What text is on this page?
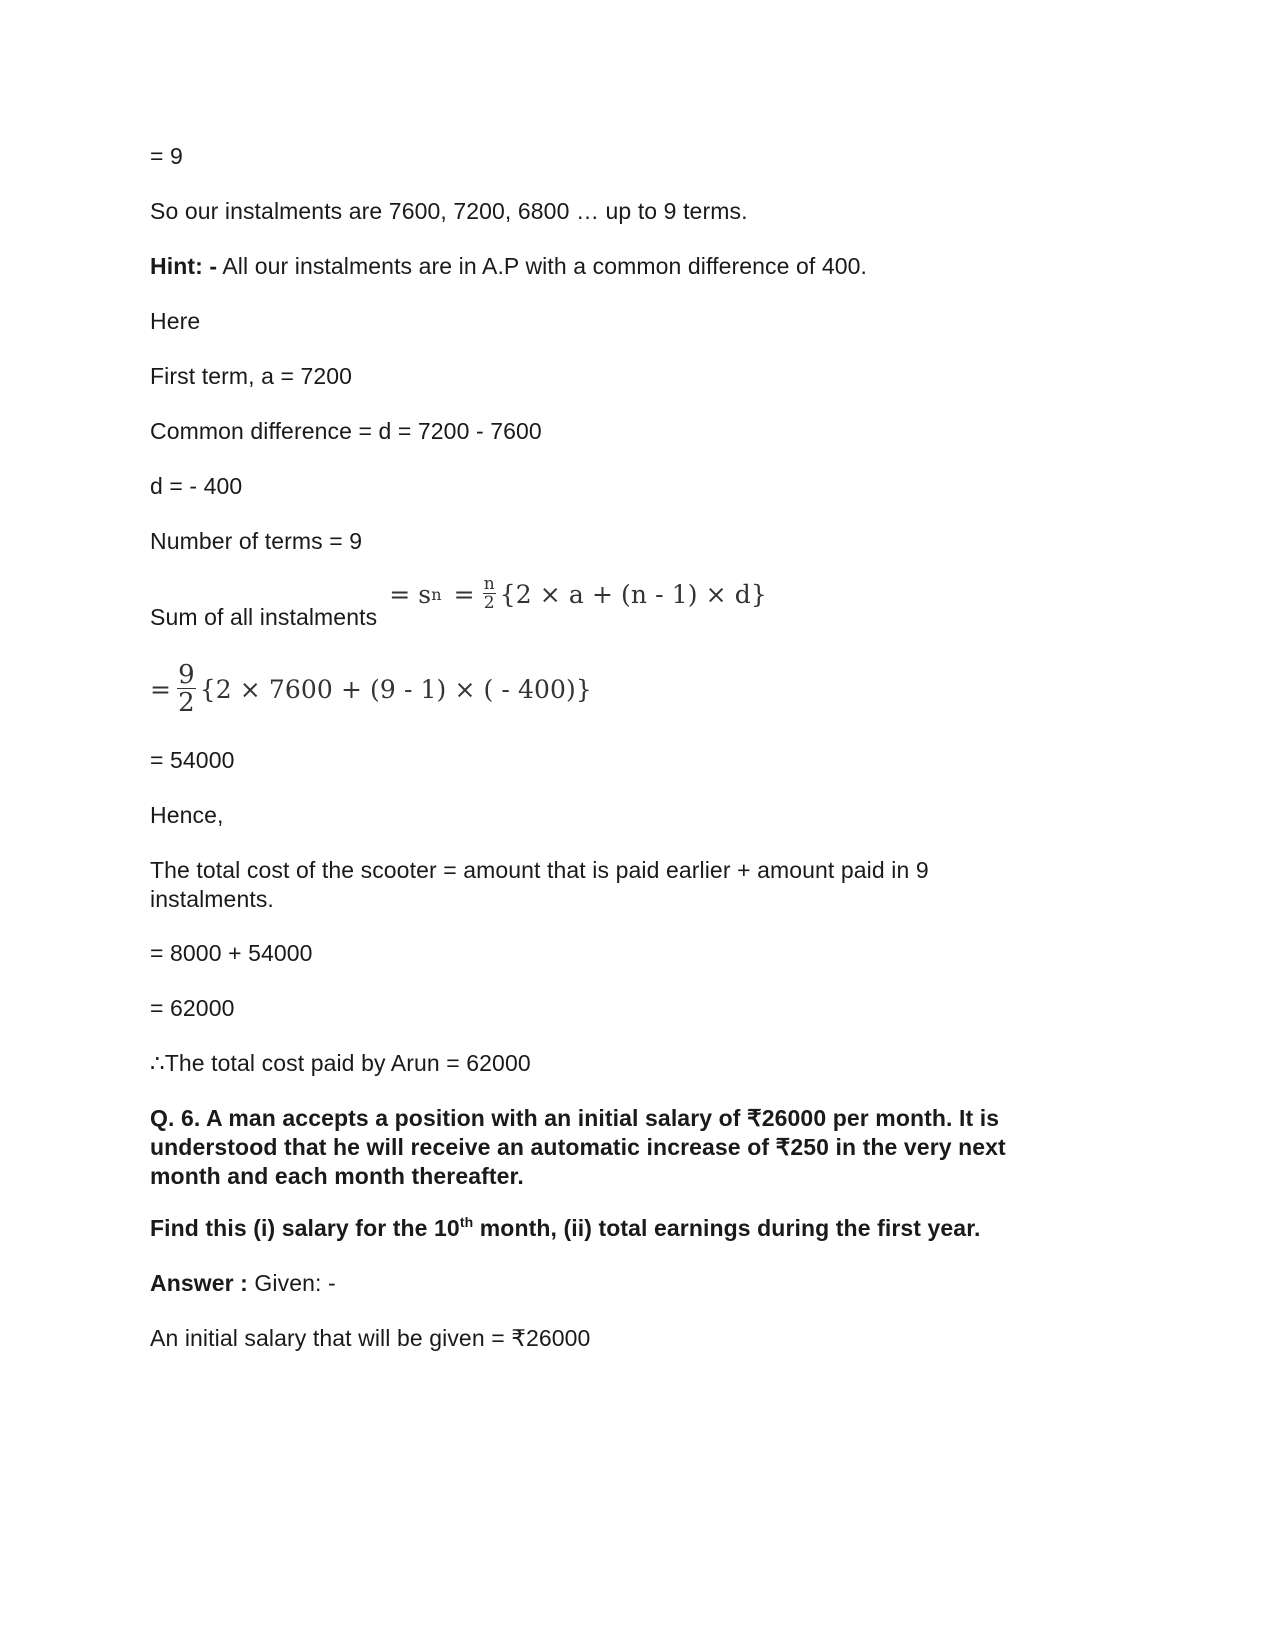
= 9
So our instalments are 7600, 7200, 6800 … up to 9 terms.
Hint: - All our instalments are in A.P with a common difference of 400.
Here
First term, a = 7200
Common difference = d = 7200 - 7600
d = - 400
Number of terms = 9
Sum of all instalments
= s $n = \frac{n}{2} \{2 \times a + (n - 1) \times d\}$
= $\frac{9}{2} \{2 \times 7600 + (9 - 1)$ × ( - 400)}
= 54000
Hence,
The total cost of the scooter = amount that is paid earlier + amount paid in 9 instalments.
= 8000 + 54000
= 62000
∴The total cost paid by Arun = 62000
Q. 6. A man accepts a position with an initial salary of ₹26000 per month. It is understood that he will receive an automatic increase of ₹250 in the very next month and each month thereafter.
Find this (i) salary for the 10th month, (ii) total earnings during the first year.
Answer : Given: -
An initial salary that will be given = ₹26000
